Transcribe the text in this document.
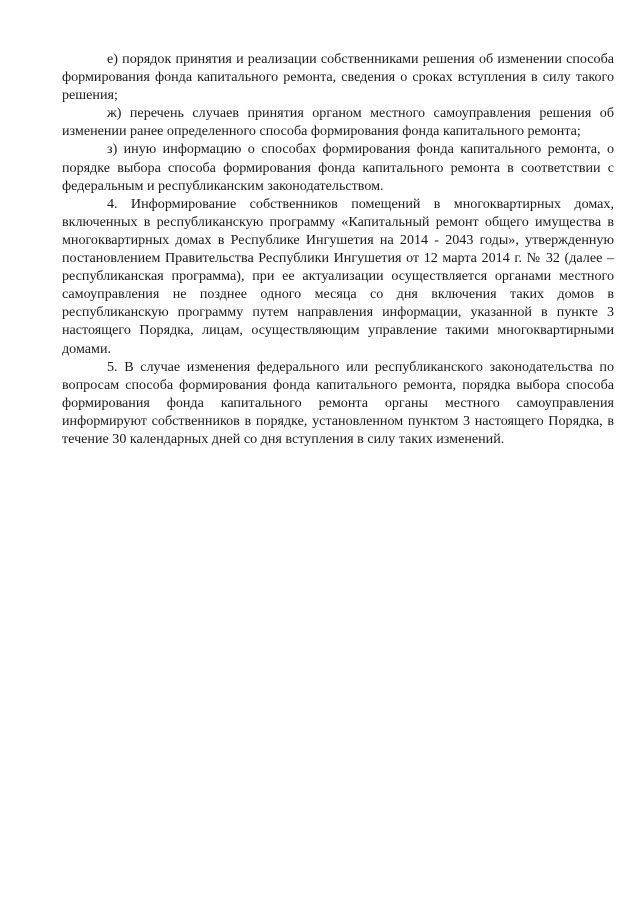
е) порядок принятия и реализации собственниками решения об изменении способа формирования фонда капитального ремонта, сведения о сроках вступления в силу такого решения;

ж) перечень случаев принятия органом местного самоуправления решения об изменении ранее определенного способа формирования фонда капитального ремонта;

з) иную информацию о способах формирования фонда капитального ремонта, о порядке выбора способа формирования фонда капитального ремонта в соответствии с федеральным и республиканским законодательством.

4. Информирование собственников помещений в многоквартирных домах, включенных в республиканскую программу «Капитальный ремонт общего имущества в многоквартирных домах в Республике Ингушетия на 2014 - 2043 годы», утвержденную постановлением Правительства Республики Ингушетия от 12 марта 2014 г. № 32 (далее – республиканская программа), при ее актуализации осуществляется органами местного самоуправления не позднее одного месяца со дня включения таких домов в республиканскую программу путем направления информации, указанной в пункте 3 настоящего Порядка, лицам, осуществляющим управление такими многоквартирными домами.

5. В случае изменения федерального или республиканского законодательства по вопросам способа формирования фонда капитального ремонта, порядка выбора способа формирования фонда капитального ремонта органы местного самоуправления информируют собственников в порядке, установленном пунктом 3 настоящего Порядка, в течение 30 календарных дней со дня вступления в силу таких изменений.
